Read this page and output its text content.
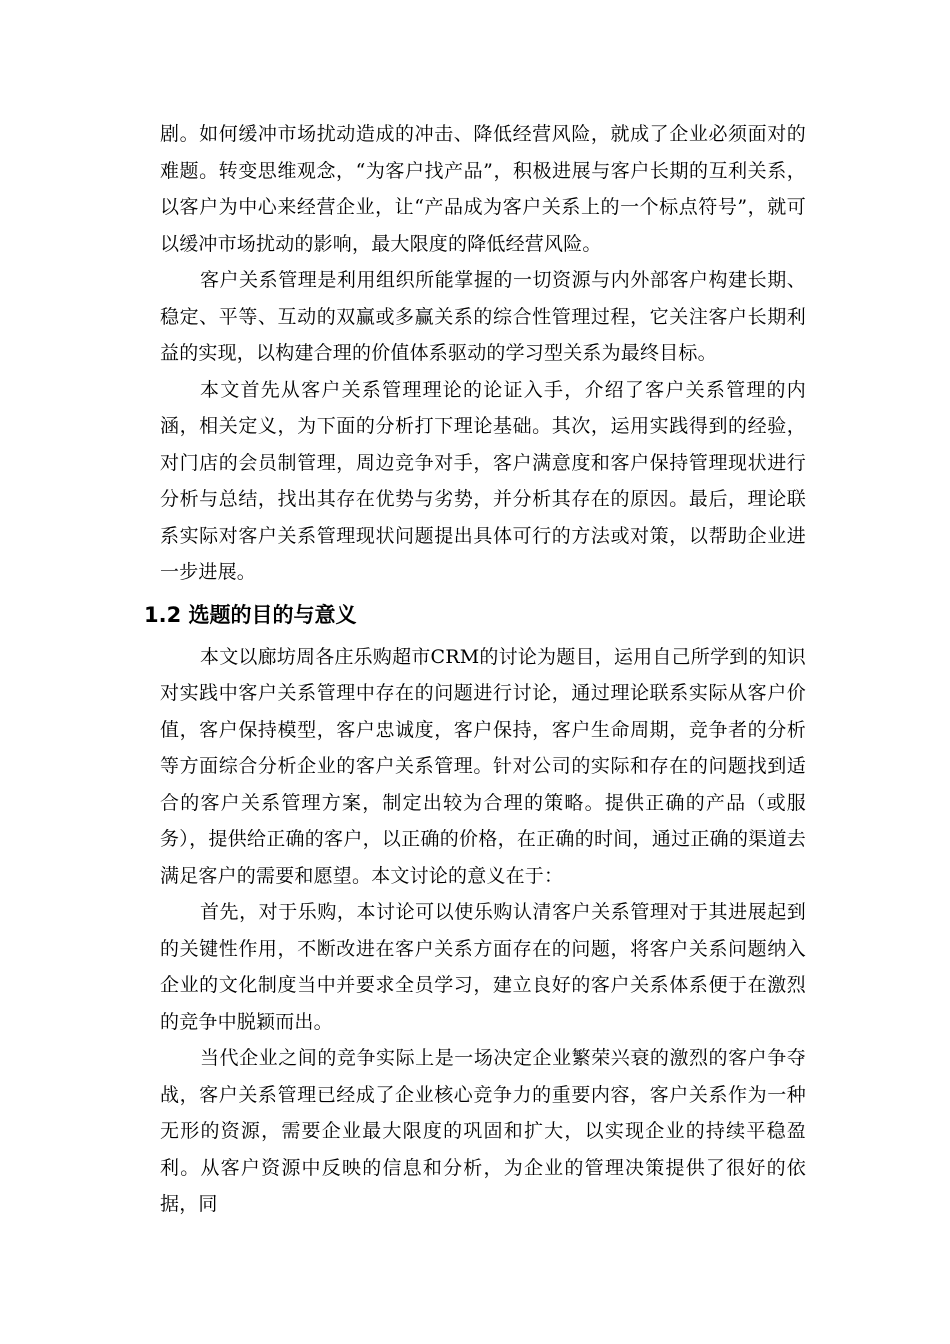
剧。如何缓冲市场扰动造成的冲击、降低经营风险，就成了企业必须面对的难题。转变思维观念，“为客户找产品”，积极进展与客户长期的互利关系，以客户为中心来经营企业，让“产品成为客户关系上的一个标点符号”，就可以缓冲市场扰动的影响，最大限度的降低经营风险。

客户关系管理是利用组织所能掌握的一切资源与内外部客户构建长期、稳定、平等、互动的双赢或多赢关系的综合性管理过程，它关注客户长期利益的实现，以构建合理的价值体系驱动的学习型关系为最终目标。

本文首先从客户关系管理理论的论证入手，介绍了客户关系管理的内涵，相关定义，为下面的分析打下理论基础。其次，运用实践得到的经验，对门店的会员制管理，周边竞争对手，客户满意度和客户保持管理现状进行分析与总结，找出其存在优势与劣势，并分析其存在的原因。最后，理论联系实际对客户关系管理现状问题提出具体可行的方法或对策，以帮助企业进一步进展。

1.2 选题的目的与意义

本文以廊坊周各庄乐购超市CRM的讨论为题目，运用自己所学到的知识对实践中客户关系管理中存在的问题进行讨论，通过理论联系实际从客户价值，客户保持模型，客户忠诚度，客户保持，客户生命周期，竞争者的分析等方面综合分析企业的客户关系管理。针对公司的实际和存在的问题找到适合的客户关系管理方案，制定出较为合理的策略。提供正确的产品（或服务），提供给正确的客户，以正确的价格，在正确的时间，通过正确的渠道去满足客户的需要和愿望。本文讨论的意义在于：

首先，对于乐购，本讨论可以使乐购认清客户关系管理对于其进展起到的关键性作用，不断改进在客户关系方面存在的问题，将客户关系问题纳入企业的文化制度当中并要求全员学习，建立良好的客户关系体系便于在激烈的竞争中脱颖而出。

当代企业之间的竞争实际上是一场决定企业繁荣兴衰的激烈的客户争夺战，客户关系管理已经成了企业核心竞争力的重要内容，客户关系作为一种无形的资源，需要企业最大限度的巩固和扩大，以实现企业的持续平稳盈利。从客户资源中反映的信息和分析，为企业的管理决策提供了很好的依据，同
